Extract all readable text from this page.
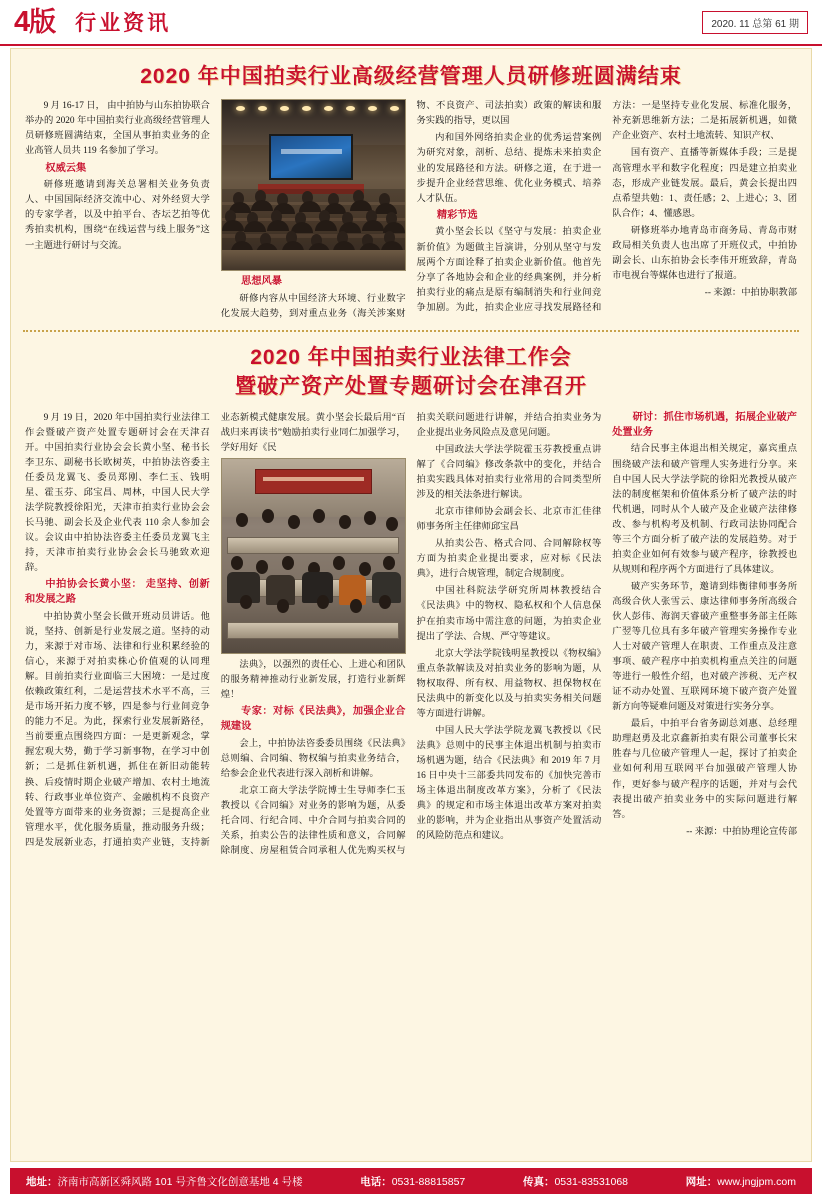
4版 行业资讯	2020. 11 总第 61 期
2020 年中国拍卖行业高级经营管理人员研修班圆满结束

9 月 16-17 日， 由中拍协与山东拍协联合举办的 2020 年中国拍卖行业高级经营管理人员研修班圆满结束，全国从事拍卖业务的企业高管人员共 119 名参加了学习。

权威云集

研修班邀请到海关总署相关业务负责人、中国国际经济交流中心、对外经贸大学的专家学者，以及中拍平台、杏坛艺拍等优秀拍卖机构，围绕“在线运营与线上服务”这一主题进行研讨与交流。

思想风暴

研修内容从中国经济大环境、行业数字化发展大趋势，到对重点业务（海关涉案财物、不良资产、司法拍卖）政策的解读和服务实践的指导，更以国

内和国外网络拍卖企业的优秀运营案例为研究对象，剖析、总结、提炼未来拍卖企业的发展路径和方法。研修之道，在于进一步提升企业经营思维、优化业务模式、培养人才队伍。

精彩节选

黄小坚会长以《坚守与发展：拍卖企业新价值》为题做主旨演讲，分别从坚守与发展两个方面诠释了拍卖企业新价值。他首先分享了各地协会和企业的经典案例，并分析拍卖行业的痛点是原有编制消失和行业间竞争加剧。为此，拍卖企业应寻找发展路径和方法：一是坚持专业化发展、标准化服务，补充新思维新方法；二是拓展新机遇，如微产企业资产、农村土地流转、知识产权、

国有资产、直播等新媒体手段；三是提高管理水平和数字化程度；四是建立拍卖业态，形成产业链发展。最后，黄会长提出四点希望共勉：1、责任感；2、上进心；3、团队合作；4、懂感恩。

研修班举办地青岛市商务局、青岛市财政局相关负责人也出席了开班仪式，中拍协副会长、山东拍协会长李伟开班致辞，青岛市电视台等媒体也进行了报道。

-- 来源：中拍协职教部

2020 年中国拍卖行业法律工作会
暨破产资产处置专题研讨会在津召开

9 月 19 日，2020 年中国拍卖行业法律工作会暨破产资产处置专题研讨会在天津召开。中国拍卖行业协会会长黄小坚、秘书长李卫东、副秘书长欧树英，中拍协法咨委主任委员龙翼飞、委员郑刚、李仁玉、钱明星、霍玉芬、邱宝昌、周林，中国人民大学法学院教授徐阳光，天津市拍卖行业协会会长马驰、副会长及企业代表 110 余人参加会议。会议由中拍协法咨委主任委员龙翼飞主持，天津市拍卖行业协会会长马驰致欢迎辞。

中拍协会长黄小坚： 走坚持、创新和发展之路

中拍协黄小坚会长做开班动员讲话。他说，坚持、创新是行业发展之道。坚持的动力，来源于对市场、法律和行业积累经验的信心，来源于对拍卖株心价值观的认同理解。目前拍卖行业面临三大困境：一是过度依赖政策红利，二是运营技术水平不高，三是市场开拓力度不够，四是参与行业间竞争的能力不足。为此，探索行业发展新路径，当前要重点围绕四方面：一是更新观念，掌握宏观大势，勤于学习新事物，在学习中创新；二是抓住新机遇，抓住在新旧动能转换、后疫情时期企业破产增加、农村土地流转、行政事业单位资产、金融机构不良资产处置等方面带来的业务资源；三是提高企业管理水平，优化服务质量，推动服务升级；四是发展新业态，打通拍卖产业链，支持新业态新模式健康发展。黄小坚会长最后用“百战归来再读书”勉励拍卖行业同仁加强学习，学好用好《民

法典》，以强烈的责任心、上进心和团队的服务精神推动行业新发展，打造行业新辉煌！

专家：对标《民法典》，加强企业合规建设

会上，中拍协法咨委委员围绕《民法典》总则编、合同编、物权编与拍卖业务结合，给参会企业代表进行深入剖析和讲解。

北京工商大学法学院博士生导师李仁玉教授以《合同编》对业务的影响为题，从委托合同、行纪合同、中介合同与拍卖合同的关系，拍卖公告的法律性质和意义，合同解除制度、房屋租赁合同承租人优先购买权与拍卖关联问题进行讲解，并结合拍卖业务为企业提出业务风险点及意见问题。

中国政法大学法学院霍玉芬教授重点讲解了《合同编》修改条款中的变化，并结合拍卖实践具体对拍卖行业常用的合同类型所涉及的相关法条进行解读。

北京市律师协会副会长、北京市汇佳律师事务所主任律师邱宝昌

从拍卖公告、格式合同、合同解除权等方面为拍卖企业提出要求，应对标《民法典》，进行合规管理，制定合规制度。

中国社科院法学研究所周林教授结合《民法典》中的物权、隐私权和个人信息保护在拍卖市场中需注意的问题，为拍卖企业提出了学法、合规、严守等建议。

北京大学法学院钱明星教授以《物权编》重点条款解读及对拍卖业务的影响为题，从物权取得、所有权、用益物权、担保物权在民法典中的新变化以及与拍卖实务相关问题等方面进行讲解。

中国人民大学法学院龙翼飞教授以《民法典》总则中的民事主体退出机制与拍卖市场机遇为题，结合《民法典》和 2019 年 7 月 16 日中央十三部委共同发布的《加快完善市场主体退出制度改革方案》，分析了《民法典》的规定和市场主体退出改革方案对拍卖业的影响，并为企业指出从事资产处置活动的风险防范点和建议。

研讨：抓住市场机遇，拓展企业破产处置业务

结合民事主体退出相关规定，嘉宾重点围绕破产法和破产管理人实务进行分享。来自中国人民大学法学院的徐阳光教授从破产法的制度框架和价值体系分析了破产法的时代机遇，同时从个人破产及企业破产法律修改、参与机构考及机制、行政司法协同配合等三个方面分析了破产法的发展趋势。对于拍卖企业如何有效参与破产程序，徐教授也从规则和程序两个方面进行了具体建议。

破产实务环节，邀请到炜衡律师事务所高级合伙人张雪云、康达律师事务所高级合伙人彭伟、海润天睿破产重整事务部主任陈广翌等几位具有多年破产管理实务操作专业人士对破产管理人在职责、工作重点及注意事项、破产程序中拍卖机构重点关注的问题等进行一般性介绍，也对破产涉税、无产权证不动办处置、互联网环境下破产资产处置新方向等疑难问题及对策进行实务分享。

最后，中拍平台省务副总刘惠、总经理助理赵勇及北京鑫新拍卖有限公司董事长宋胜春与几位破产管理人一起，探讨了拍卖企业如何利用互联网平台加强破产管理人协作，更好参与破产程序的话题，并对与会代表提出破产拍卖业务中的实际问题进行解答。

-- 来源：中拍协理论宣传部

地址：济南市高新区舜风路 101 号齐鲁文化创意基地 4 号楼	电话：0531-88815857	传真：0531-83531068	网址：www.jngjpm.com
